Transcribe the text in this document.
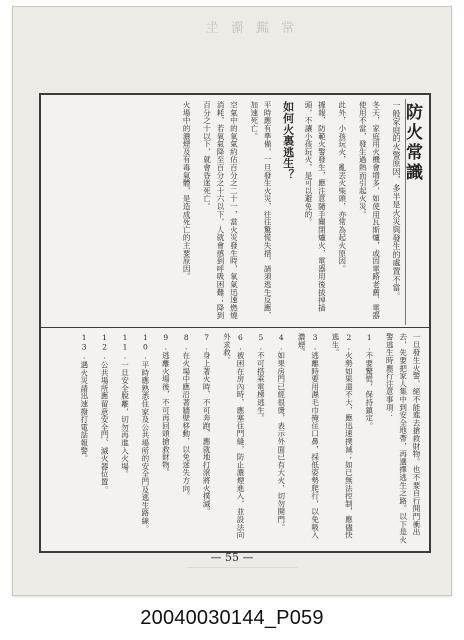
常 識 衛 生
防火常識

一般家庭的火警原因，多半是火災與發生的處置不當。

冬天，家庭用火機會增多，如使用瓦斯爐，或因電路老舊、電器使用不當，發生過熱而引起火災。

此外，小孩玩火，亂丟火柴頭，亦常為起火原因。

據報，防範火警發生，應注意隨手關閉爐火，電器用後拔掉插頭，不讓小孩玩火，是可以避免的。

如何火裏逃生？

平時應有準備，一旦發生火災，往往驚慌失措，請須逃生反應，加速死亡。

空氣中的氧氣約佔百分之二十一，當火災發生時，氧氣迅速燃燒消耗，若氧氣降至百分之十六以下，人就會感到呼吸困難；降到百分之十以下，就會昏迷死亡。

火場中的濃煙及有毒氣體，是造成死亡的主要原因。

一旦發生火警，絕不能進去搶救財物。也不要自行開門衝出去，先要把家人集中到安全地帶，再選擇逃生之路。以下是火警逃生時應行注意事項：

1.不要驚慌，保持鎮定。

2.火勢如果還不大，應迅速撲滅；如已無法控制，應儘快逃生。

3.逃離時要用濕毛巾掩住口鼻，採低姿勢爬行，以免吸入濃煙。

4.如果房門已經很燙，表示外面已有大火，切勿開門。

5.不可搭乘電梯逃生。

6.被困在房內時，應塞住門縫，防止濃煙進入，並設法向外求救。

7.身上著火時，不可奔跑，應就地打滾將火撲滅。

8.在火場中應沿著牆壁移動，以免迷失方向。

9.逃離火場後，不可再回頭搶救財物。

10.平時應熟悉住家及公共場所的安全門及逃生路線。

11.一旦安全脫離，切勿再進入火場。

12.公共場所應留意安全門、滅火器位置。

13.遇火災請迅速撥打電話報警。

— 55 —
20040030144_P059
